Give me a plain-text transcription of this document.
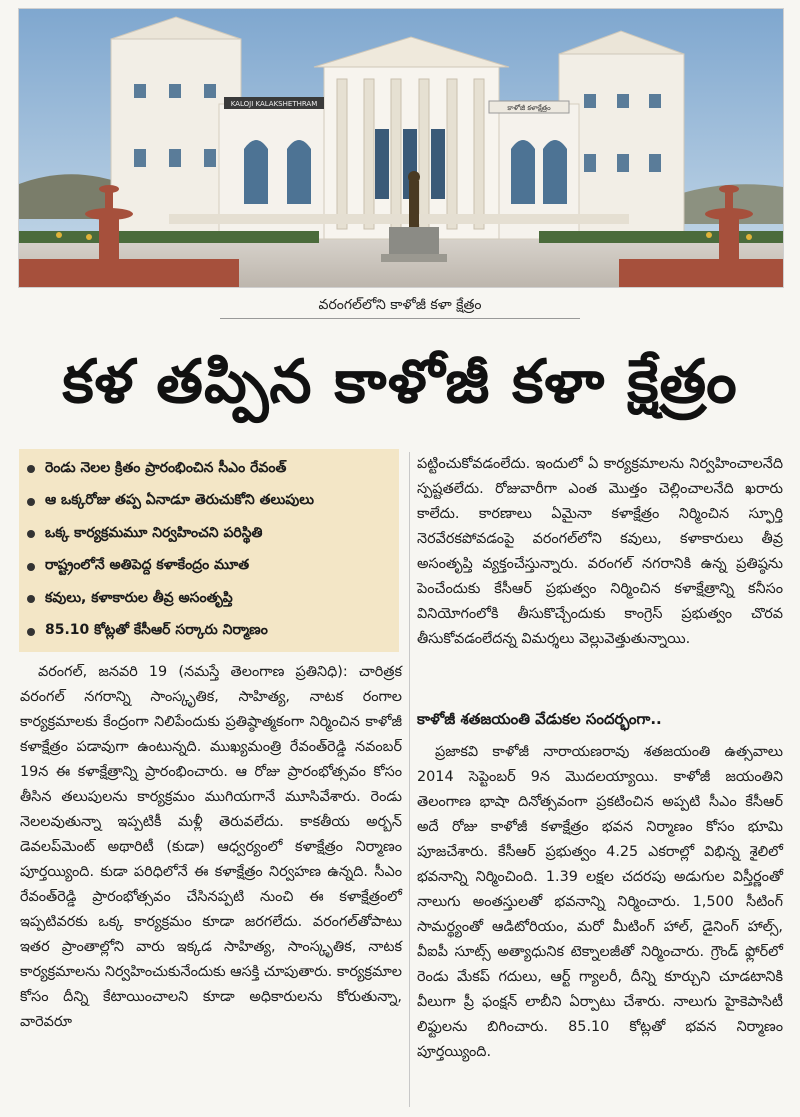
KALOJI KALAKSHETHRAM	కాళోజీ కళాక్షేత్రం
వరంగల్‌లోని కాళోజీ కళా క్షేత్రం
కళ తప్పిన కాళోజీ కళా క్షేత్రం
రెండు నెలల క్రితం ప్రారంభించిన సీఎం రేవంత్
ఆ ఒక్కరోజు తప్ప ఏనాడూ తెరుచుకోని తలుపులు
ఒక్క కార్యక్రమమూ నిర్వహించని పరిస్థితి
రాష్ట్రంలోనే అతిపెద్ద కళాకేంద్రం మూత
కవులు, కళాకారుల తీవ్ర అసంతృప్తి
85.10 కోట్లతో కేసీఆర్ సర్కారు నిర్మాణం

వరంగల్, జనవరి 19 (నమస్తే తెలంగాణ ప్రతినిధి): చారిత్రక వరంగల్ నగరాన్ని సాంస్కృతిక, సాహిత్య, నాటక రంగాల కార్యక్రమాలకు కేంద్రంగా నిలిపేందుకు ప్రతిష్ఠాత్మకంగా నిర్మించిన కాళోజీ కళాక్షేత్రం పడావుగా ఉంటున్నది. ముఖ్యమంత్రి రేవంత్‌రెడ్డి నవంబర్ 19న ఈ కళాక్షేత్రాన్ని ప్రారంభించారు. ఆ రోజు ప్రారంభోత్సవం కోసం తీసిన తలుపులను కార్యక్రమం ముగియగానే మూసివేశారు. రెండు నెలలవుతున్నా ఇప్పటికీ మళ్లీ తెరువలేదు. కాకతీయ అర్బన్ డెవలప్‌మెంట్ అథారిటీ (కుడా) ఆధ్వర్యంలో కళాక్షేత్రం నిర్మాణం పూర్తయ్యింది. కుడా పరిధిలోనే ఈ కళాక్షేత్రం నిర్వహణ ఉన్నది. సీఎం రేవంత్‌రెడ్డి ప్రారంభోత్సవం చేసినప్పటి నుంచి ఈ కళాక్షేత్రంలో ఇప్పటివరకు ఒక్క కార్యక్రమం కూడా జరగలేదు. వరంగల్‌తోపాటు ఇతర ప్రాంతాల్లోని వారు ఇక్కడ సాహిత్య, సాంస్కృతిక, నాటక కార్యక్రమాలను నిర్వహించుకునేందుకు ఆసక్తి చూపుతారు. కార్యక్రమాల కోసం దీన్ని కేటాయించాలని కూడా అధికారులను కోరుతున్నా, వారెవరూ

పట్టించుకోవడంలేదు. ఇందులో ఏ కార్యక్రమాలను నిర్వహించాలనేది స్పష్టతలేదు. రోజువారీగా ఎంత మొత్తం చెల్లించాలనేది ఖరారు కాలేదు. కారణాలు ఏమైనా కళాక్షేత్రం నిర్మించిన స్ఫూర్తి నెరవేరకపోవడంపై వరంగల్‌లోని కవులు, కళాకారులు తీవ్ర అసంతృప్తి వ్యక్తంచేస్తున్నారు. వరంగల్ నగరానికి ఉన్న ప్రతిష్ఠను పెంచేందుకు కేసీఆర్ ప్రభుత్వం నిర్మించిన కళాక్షేత్రాన్ని కనీసం వినియోగంలోకి తీసుకొచ్చేందుకు కాంగ్రెస్ ప్రభుత్వం చొరవ తీసుకోవడంలేదన్న విమర్శలు వెల్లువెత్తుతున్నాయి.

కాళోజీ శతజయంతి వేడుకల సందర్భంగా..

ప్రజాకవి కాళోజీ నారాయణరావు శతజయంతి ఉత్సవాలు 2014 సెప్టెంబర్ 9న మొదలయ్యాయి. కాళోజీ జయంతిని తెలంగాణ భాషా దినోత్సవంగా ప్రకటించిన అప్పటి సీఎం కేసీఆర్ అదే రోజు కాళోజీ కళాక్షేత్రం భవన నిర్మాణం కోసం భూమి పూజచేశారు. కేసీఆర్ ప్రభుత్వం 4.25 ఎకరాల్లో విభిన్న శైలిలో భవనాన్ని నిర్మించింది. 1.39 లక్షల చదరపు అడుగుల విస్తీర్ణంతో నాలుగు అంతస్తులతో భవనాన్ని నిర్మించారు. 1,500 సీటింగ్ సామర్థ్యంతో ఆడిటోరియం, మరో మీటింగ్ హాల్, డైనింగ్ హాల్స్, వీఐపీ సూట్స్ అత్యాధునిక టెక్నాలజీతో నిర్మించారు. గ్రౌండ్ ఫ్లోర్‌లో రెండు మేకప్ గదులు, ఆర్ట్ గ్యాలరీ, దీన్ని కూర్చుని చూడటానికి వీలుగా ప్రీ ఫంక్షన్ లాబీని ఏర్పాటు చేశారు. నాలుగు హైకెపాసిటీ లిఫ్టులను బిగించారు. 85.10 కోట్లతో భవన నిర్మాణం పూర్తయ్యింది.
